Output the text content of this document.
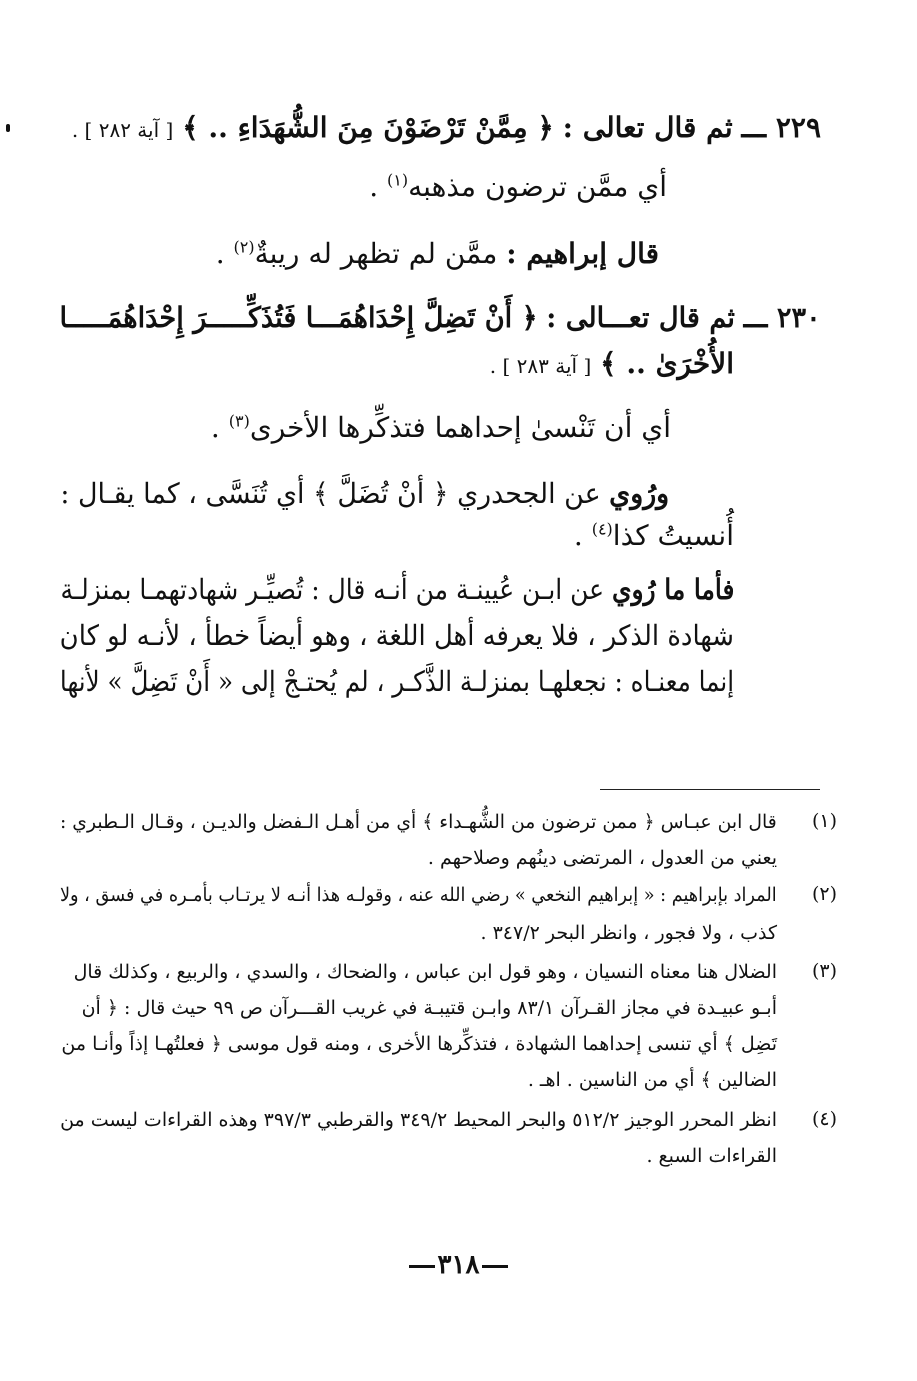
٢٢٩ ـــ ثم قال تعالى : ﴿ مِمَّنْ تَرْضَوْنَ مِنَ الشُّهَدَاءِ .. ﴾ [ آية ٢٨٢ ] .
أي ممَّن ترضون مذهبه$^{(١)}$ .
قال إبراهيم : ممَّن لم تظهر له ريبةٌ$^{(٢)}$ .
٢٣٠ ـــ ثم قال تعـــالى : ﴿ أَنْ تَضِلَّ إِحْدَاهُمَـــا فَتُذَكِّـــــرَ إِحْدَاهُمَـــــا
الأُخْرَىٰ .. ﴾ [ آية ٢٨٣ ] .
أي أن تَنْسىٰ إحداهما فتذكِّرها الأخرى$^{(٣)}$ .
ورُوي عن الجحدري ﴿ أنْ تُضَلَّ ﴾ أي تُنَسَّى ، كما يقـال :
أُنسيتُ كذا$^{(٤)}$ .
فأما ما رُوي عن ابـن عُيينـة من أنـه قال : تُصيِّـر شهادتهمـا بمنزلـة
شهادة الذكر ، فلا يعرفه أهل اللغة ، وهو أيضاً خطأ ، لأنـه لو كان
إنما معنـاه : نجعلهـا بمنزلـة الذَّكـر ، لم يُحتـجْ إلى « أَنْ تَضِلَّ » لأنها
(١)
قال ابن عبـاس ﴿ ممن ترضون من الشُّهـداء ﴾ أي من أهـل الـفضل والديـن ، وقـال الـطبري :
يعني من العدول ، المرتضى دينُهم وصلاحهم .
(٢)
المراد بإبراهيم : « إبراهيم النخعي » رضي الله عنه ، وقولـه هذا أنـه لا يرتـاب بأمـره في فسق ، ولا
كذب ، ولا فجور ، وانظر البحر ٣٤٧/٢ .
(٣)
الضلال هنا معناه النسيان ، وهو قول ابن عباس ، والضحاك ، والسدي ، والربيع ، وكذلك قال
أبـو عبيـدة في مجاز القـرآن ٨٣/١ وابـن قتيبـة في غريب القـــرآن ص ٩٩ حيث قال : ﴿ أن
تَضِل ﴾ أي تنسى إحداهما الشهادة ، فتذكِّرها الأخرى ، ومنه قول موسى ﴿ فعلتُهـا إذاً وأنـا من
الضالين ﴾ أي من الناسين . اهـ .
(٤)
انظر المحرر الوجيز ٥١٢/٢ والبحر المحيط ٣٤٩/٢ والقرطبي ٣٩٧/٣ وهذه القراءات ليست من
القراءات السبع .
٣١٨
